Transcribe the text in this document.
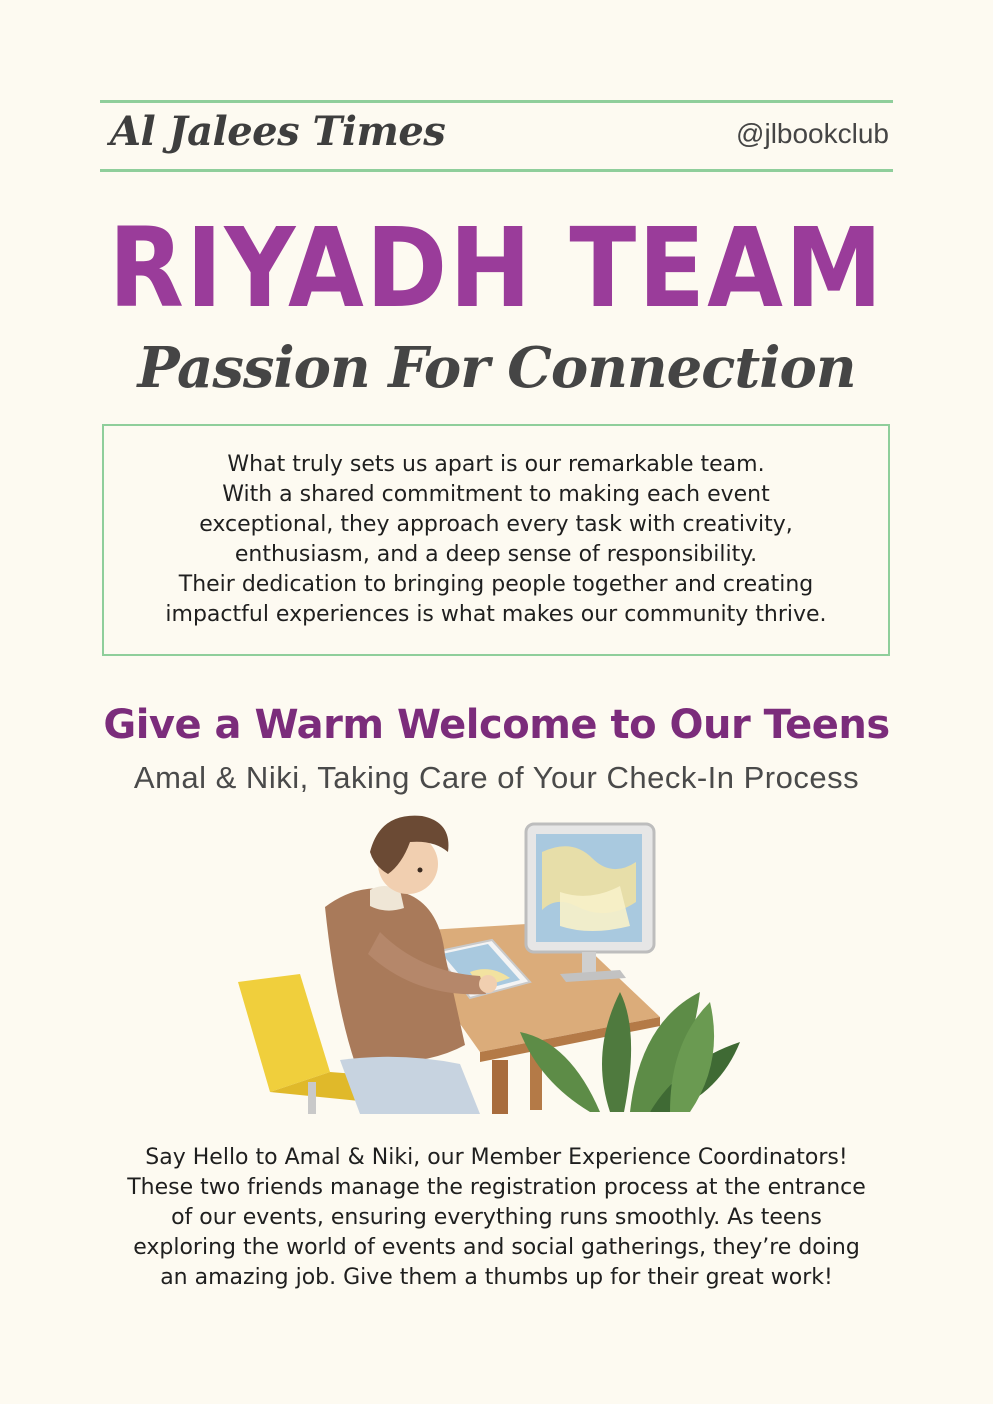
Al Jalees Times	@jlbookclub
RIYADH TEAM
Passion For Connection

What truly sets us apart is our remarkable team.
With a shared commitment to making each event
exceptional, they approach every task with creativity,
enthusiasm, and a deep sense of responsibility.
Their dedication to bringing people together and creating
impactful experiences is what makes our community thrive.

Give a Warm Welcome to Our Teens
Amal & Niki, Taking Care of Your Check-In Process
Say Hello to Amal & Niki, our Member Experience Coordinators!
These two friends manage the registration process at the entrance
of our events, ensuring everything runs smoothly. As teens
exploring the world of events and social gatherings, they’re doing
an amazing job. Give them a thumbs up for their great work!
